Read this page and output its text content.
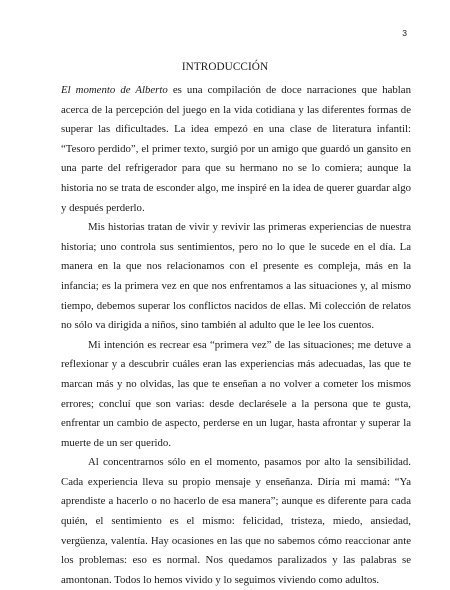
3
INTRODUCCIÓN

El momento de Alberto es una compilación de doce narraciones que hablan acerca de la percepción del juego en la vida cotidiana y las diferentes formas de superar las dificultades. La idea empezó en una clase de literatura infantil: “Tesoro perdido”, el primer texto, surgió por un amigo que guardó un gansito en una parte del refrigerador para que su hermano no se lo comiera; aunque la historia no se trata de esconder algo, me inspiré en la idea de querer guardar algo y después perderlo.

Mis historias tratan de vivir y revivir las primeras experiencias de nuestra historia; uno controla sus sentimientos, pero no lo que le sucede en el día. La manera en la que nos relacionamos con el presente es compleja, más en la infancia; es la primera vez en que nos enfrentamos a las situaciones y, al mismo tiempo, debemos superar los conflictos nacidos de ellas. Mi colección de relatos no sólo va dirigida a niños, sino también al adulto que le lee los cuentos.

Mi intención es recrear esa “primera vez” de las situaciones; me detuve a reflexionar y a descubrir cuáles eran las experiencias más adecuadas, las que te marcan más y no olvidas, las que te enseñan a no volver a cometer los mismos errores; concluí que son varias: desde declarésele a la persona que te gusta, enfrentar un cambio de aspecto, perderse en un lugar, hasta afrontar y superar la muerte de un ser querido.

Al concentrarnos sólo en el momento, pasamos por alto la sensibilidad. Cada experiencia lleva su propio mensaje y enseñanza. Diría mi mamá: “Ya aprendiste a hacerlo o no hacerlo de esa manera”; aunque es diferente para cada quién, el sentimiento es el mismo: felicidad, tristeza, miedo, ansiedad, vergüenza, valentía. Hay ocasiones en las que no sabemos cómo reaccionar ante los problemas: eso es normal. Nos quedamos paralizados y las palabras se amontonan. Todos lo hemos vivido y lo seguimos viviendo como adultos.
